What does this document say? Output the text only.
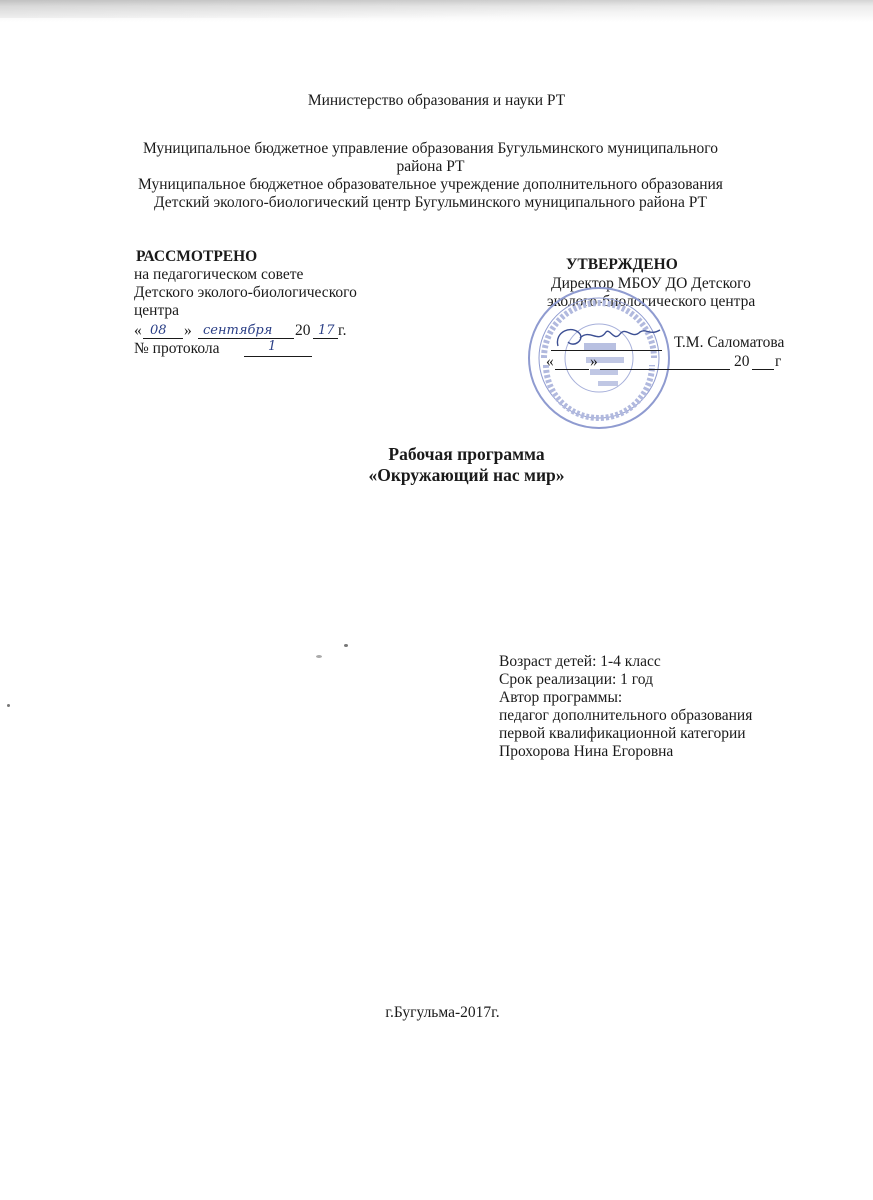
Министерство образования и науки РТ
Муниципальное бюджетное управление образования Бугульминского муниципального
района РТ
Муниципальное бюджетное образовательное учреждение дополнительного образования
Детский эколого-биологический центр Бугульминского муниципального района РТ
РАССМОТРЕНО
на педагогическом совете
Детского эколого-биологического
центра
« 08 » сентября 20 17 г.
№ протокола	1
УТВЕРЖДЕНО
Директор МБОУ ДО Детского
эколого-биологического центра
Т.М. Саломатова
« »	20 г
Рабочая программа
«Окружающий нас мир»
Возраст детей: 1-4 класс
Срок реализации: 1 год
Автор программы:
педагог дополнительного образования
первой квалификационной категории
Прохорова Нина Егоровна
г.Бугульма-2017г.
